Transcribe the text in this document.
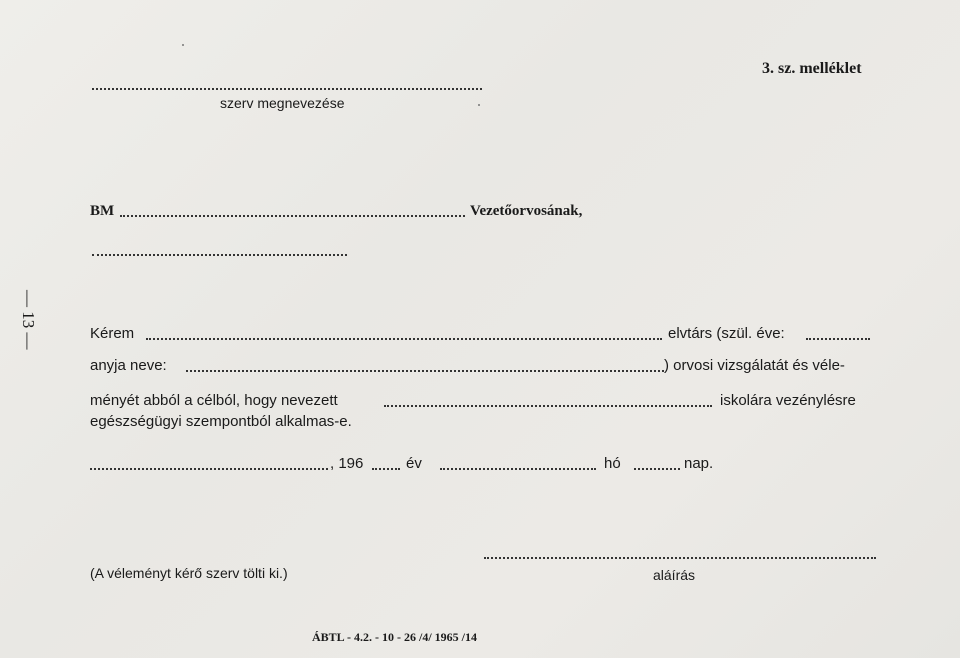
3. sz. melléklet
szerv megnevezése
BM	Vezetőorvosának,
— 13 —	Kérem	elvtárs (szül. éve:
anyja neve:	) orvosi vizsgálatát és véle-
ményét abból a célból, hogy nevezett	iskolára vezénylésre
egészségügyi szempontból alkalmas-e.
, 196	év	hó	nap.
(A véleményt kérő szerv tölti ki.)	aláírás
ÁBTL - 4.2. - 10 - 26 /4/ 1965 /14
